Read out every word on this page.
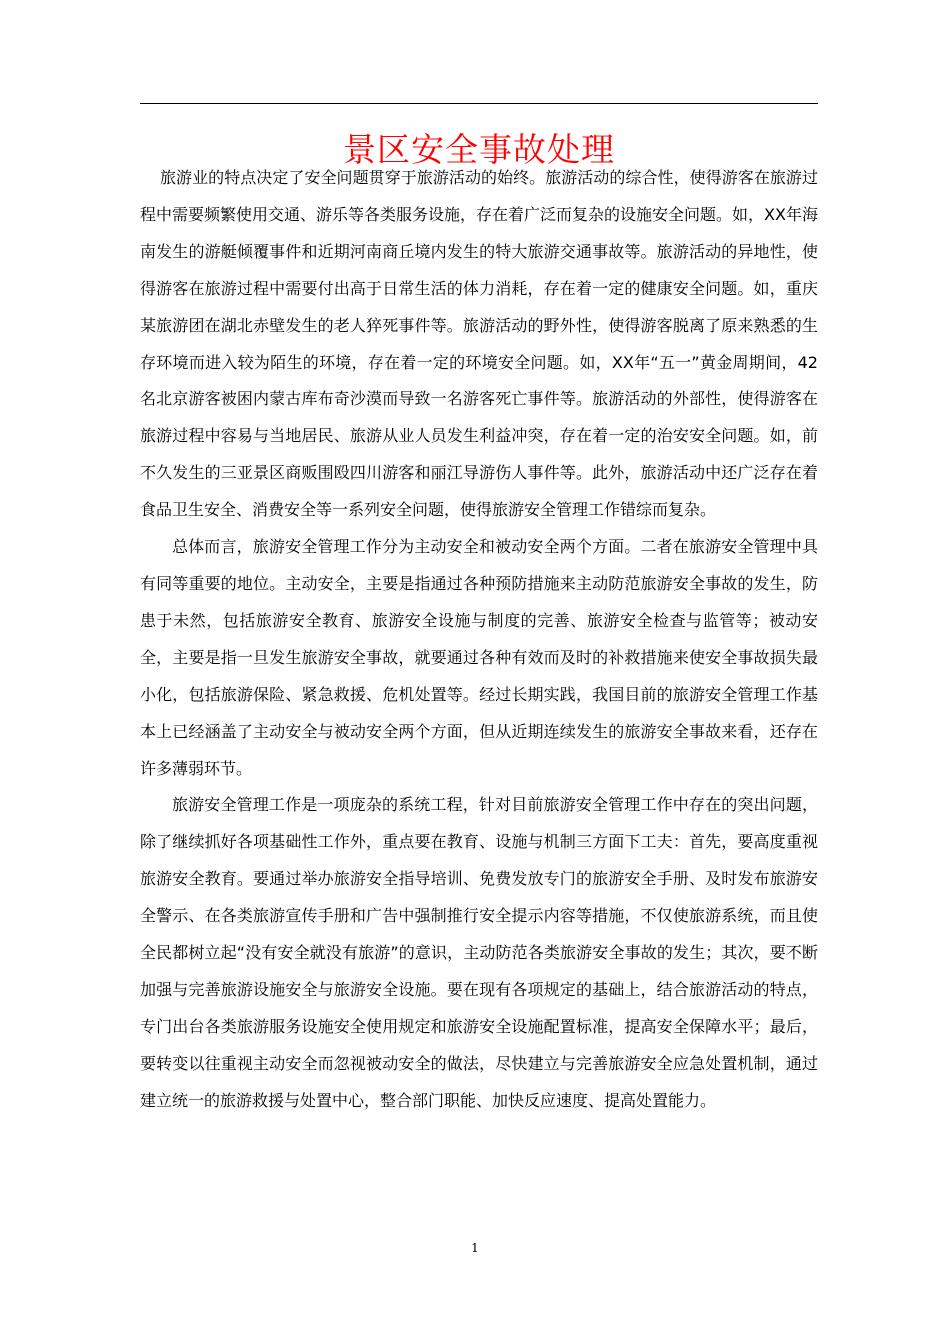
景区安全事故处理

旅游业的特点决定了安全问题贯穿于旅游活动的始终。旅游活动的综合性，使得游客在旅游过程中需要频繁使用交通、游乐等各类服务设施，存在着广泛而复杂的设施安全问题。如，XX年海南发生的游艇倾覆事件和近期河南商丘境内发生的特大旅游交通事故等。旅游活动的异地性，使得游客在旅游过程中需要付出高于日常生活的体力消耗，存在着一定的健康安全问题。如，重庆某旅游团在湖北赤壁发生的老人猝死事件等。旅游活动的野外性，使得游客脱离了原来熟悉的生存环境而进入较为陌生的环境，存在着一定的环境安全问题。如，XX年“五一”黄金周期间，42名北京游客被困内蒙古库布奇沙漠而导致一名游客死亡事件等。旅游活动的外部性，使得游客在旅游过程中容易与当地居民、旅游从业人员发生利益冲突，存在着一定的治安安全问题。如，前不久发生的三亚景区商贩围殴四川游客和丽江导游伤人事件等。此外，旅游活动中还广泛存在着食品卫生安全、消费安全等一系列安全问题，使得旅游安全管理工作错综而复杂。

总体而言，旅游安全管理工作分为主动安全和被动安全两个方面。二者在旅游安全管理中具有同等重要的地位。主动安全，主要是指通过各种预防措施来主动防范旅游安全事故的发生，防患于未然，包括旅游安全教育、旅游安全设施与制度的完善、旅游安全检查与监管等；被动安全，主要是指一旦发生旅游安全事故，就要通过各种有效而及时的补救措施来使安全事故损失最小化，包括旅游保险、紧急救援、危机处置等。经过长期实践，我国目前的旅游安全管理工作基本上已经涵盖了主动安全与被动安全两个方面，但从近期连续发生的旅游安全事故来看，还存在许多薄弱环节。

旅游安全管理工作是一项庞杂的系统工程，针对目前旅游安全管理工作中存在的突出问题，除了继续抓好各项基础性工作外，重点要在教育、设施与机制三方面下工夫：首先，要高度重视旅游安全教育。要通过举办旅游安全指导培训、免费发放专门的旅游安全手册、及时发布旅游安全警示、在各类旅游宣传手册和广告中强制推行安全提示内容等措施，不仅使旅游系统，而且使全民都树立起“没有安全就没有旅游”的意识，主动防范各类旅游安全事故的发生；其次，要不断加强与完善旅游设施安全与旅游安全设施。要在现有各项规定的基础上，结合旅游活动的特点，专门出台各类旅游服务设施安全使用规定和旅游安全设施配置标准，提高安全保障水平；最后，要转变以往重视主动安全而忽视被动安全的做法，尽快建立与完善旅游安全应急处置机制，通过建立统一的旅游救援与处置中心，整合部门职能、加快反应速度、提高处置能力。

1
